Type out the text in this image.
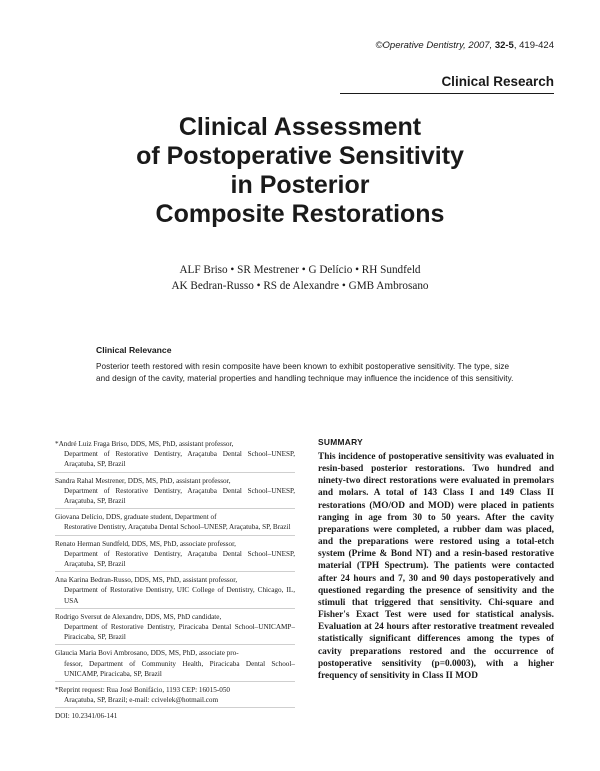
©Operative Dentistry, 2007, 32-5, 419-424
Clinical Research
Clinical Assessment
of Postoperative Sensitivity
in Posterior
Composite Restorations
ALF Briso • SR Mestrener • G Delício • RH Sundfeld
AK Bedran-Russo • RS de Alexandre • GMB Ambrosano
Clinical Relevance
Posterior teeth restored with resin composite have been known to exhibit postoperative sensitivity. The type, size and design of the cavity, material properties and handling technique may influence the incidence of this sensitivity.
*André Luiz Fraga Briso, DDS, MS, PhD, assistant professor,
Department of Restorative Dentistry, Araçatuba Dental School–UNESP, Araçatuba, SP, Brazil
Sandra Rahal Mestrener, DDS, MS, PhD, assistant professor,
Department of Restorative Dentistry, Araçatuba Dental School–UNESP, Araçatuba, SP, Brazil
Giovana Delício, DDS, graduate student, Department of
Restorative Dentistry, Araçatuba Dental School–UNESP, Araçatuba, SP, Brazil
Renato Herman Sundfeld, DDS, MS, PhD, associate professor,
Department of Restorative Dentistry, Araçatuba Dental School–UNESP, Araçatuba, SP, Brazil
Ana Karina Bedran-Russo, DDS, MS, PhD, assistant professor,
Department of Restorative Dentistry, UIC College of Dentistry, Chicago, IL, USA
Rodrigo Sversut de Alexandre, DDS, MS, PhD candidate,
Department of Restorative Dentistry, Piracicaba Dental School–UNICAMP–Piracicaba, SP, Brazil
Glaucia Maria Bovi Ambrosano, DDS, MS, PhD, associate pro-
fessor, Department of Community Health, Piracicaba Dental School–UNICAMP, Piracicaba, SP, Brazil
*Reprint request: Rua José Bonifácio, 1193 CEP: 16015-050
Araçatuba, SP, Brazil; e-mail: ccivelek@hotmail.com
DOI: 10.2341/06-141
SUMMARY
This incidence of postoperative sensitivity was evaluated in resin-based posterior restorations. Two hundred and ninety-two direct restorations were evaluated in premolars and molars. A total of 143 Class I and 149 Class II restorations (MO/OD and MOD) were placed in patients ranging in age from 30 to 50 years. After the cavity preparations were completed, a rubber dam was placed, and the preparations were restored using a total-etch system (Prime & Bond NT) and a resin-based restorative material (TPH Spectrum). The patients were contacted after 24 hours and 7, 30 and 90 days postoperatively and questioned regarding the presence of sensitivity and the stimuli that triggered that sensitivity. Chi-square and Fisher's Exact Test were used for statistical analysis. Evaluation at 24 hours after restorative treatment revealed statistically significant differences among the types of cavity preparations restored and the occurrence of postoperative sensitivity (p=0.0003), with a higher frequency of sensitivity in Class II MOD
